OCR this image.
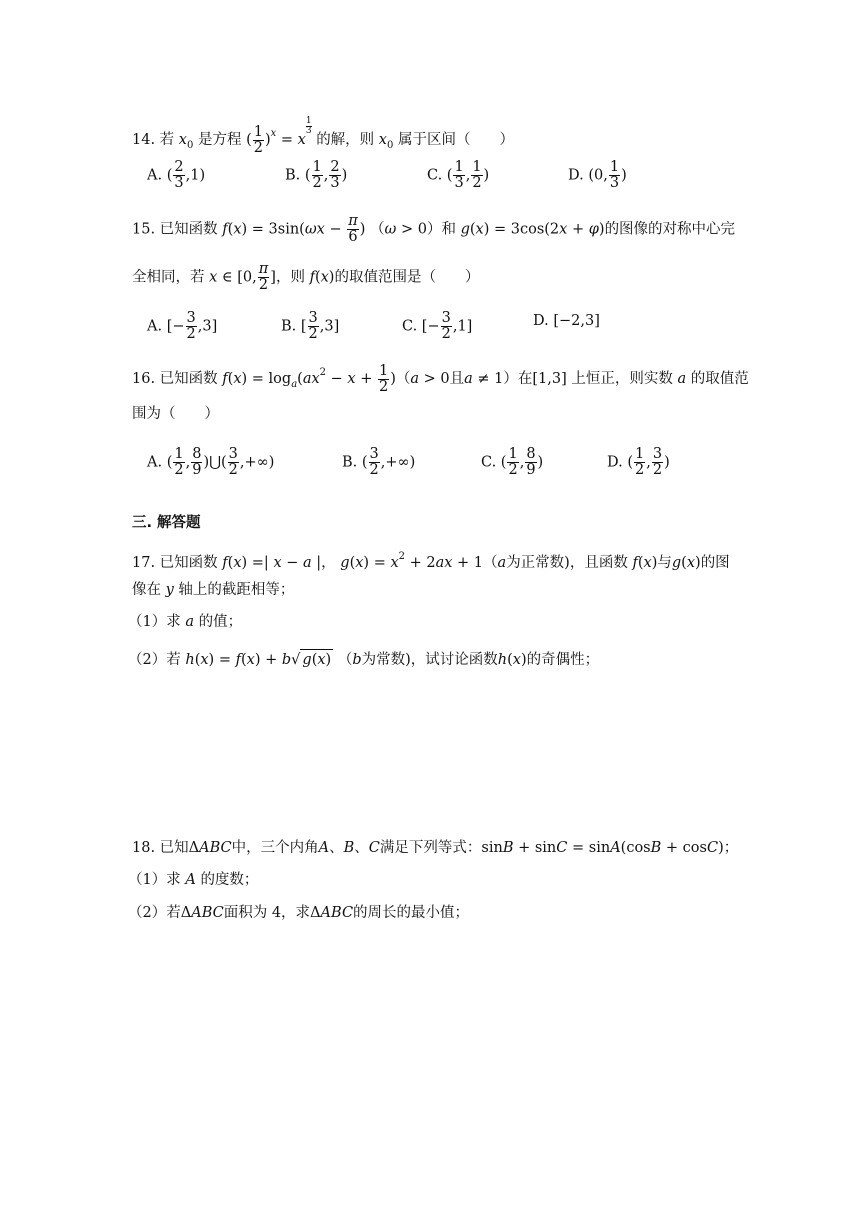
14. 若 $x_0$ 是方程 ( $\frac{1}{2} )^x = x$
$\frac{1}{3}$
的解，则 $x_0$ 属于区间（　　）
A. ( $\frac{2}{3} ,1$)	B. ( $\frac{1}{2}$ , $\frac{2}{3}$ )	C. ( $\frac{1}{3}$ , $\frac{1}{2}$ )	D. (0, $\frac{1}{3}$ )
15. 已知函数 $f(x) = 3\sin(\omega x - \frac{\pi}{6}$ ) （ω > 0）和 g(x) = 3cos(2x + φ)的图像的对称中心完
全相同，若 x ∈ [0, $\frac{\pi}{2}$ ]，则 f(x)的取值范围是（　　）
A. [− $\frac{3}{2} ,3$]	B. [ $\frac{3}{2} ,3$]	C. [− $\frac{3}{2} ,1$]	D. [−2,3]
16. 已知函数 $f(x) = \log_a(ax^2 - x + \frac{1}{2} )(a > 0$且a ≠ 1）在[1,3] 上恒正，则实数 a 的取值范
围为（　　）
A. ( $\frac{1}{2}$ , $\frac{8}{9}$ )⋃( $\frac{3}{2}$ ,+∞)	B. ( $\frac{3}{2}$ ,+∞)	C. ( $\frac{1}{2}$ , $\frac{8}{9}$ )	D. ( $\frac{1}{2}$ , $\frac{3}{2}$ )
三. 解答题
17. 已知函数 f(x) =| x − a |， $g(x) = x^2 + 2ax + 1(a$为正常数)，且函数 f(x)与g(x)的图
像在 y 轴上的截距相等；
（1）求 a 的值；
（2）若 h(x) = f(x) + b√ g(x) （b为常数)，试讨论函数h(x)的奇偶性；
18. 已知ΔABC中，三个内角A、B、C满足下列等式：sinB + sinC = sinA(cosB + cosC)；
（1）求 A 的度数；
（2）若ΔABC面积为 4，求ΔABC的周长的最小值；
